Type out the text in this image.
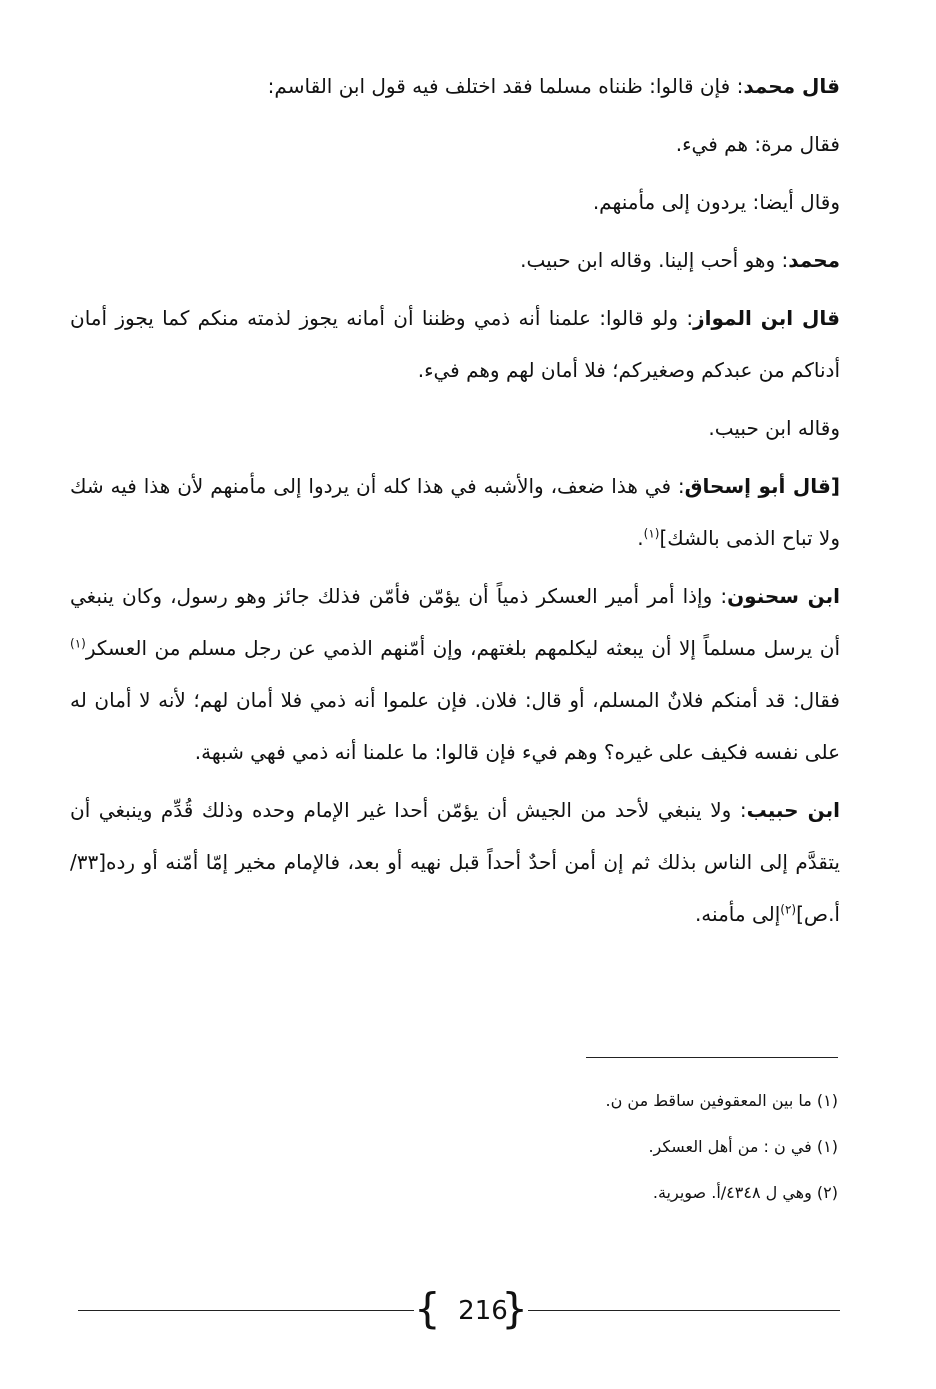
قال محمد: فإن قالوا: ظنناه مسلما فقد اختلف فيه قول ابن القاسم:

فقال مرة: هم فيء.

وقال أيضا: يردون إلى مأمنهم.

محمد: وهو أحب إلينا. وقاله ابن حبيب.

قال ابن المواز: ولو قالوا: علمنا أنه ذمي وظننا أن أمانه يجوز لذمته منكم كما يجوز أمان أدناكم من عبدكم وصغيركم؛ فلا أمان لهم وهم فيء.

وقاله ابن حبيب.

[قال أبو إسحاق: في هذا ضعف، والأشبه في هذا كله أن يردوا إلى مأمنهم لأن هذا فيه شك ولا تباح الذمى بالشك]$^{(١)}$.

ابن سحنون: وإذا أمر أمير العسكر ذمياً أن يؤمّن فأمّن فذلك جائز وهو رسول، وكان ينبغي أن يرسل مسلماً إلا أن يبعثه ليكلمهم بلغتهم، وإن أمّنهم الذمي عن رجل مسلم من العسكر$^{(١)}$ فقال: قد أمنكم فلانٌ المسلم، أو قال: فلان. فإن علموا أنه ذمي فلا أمان لهم؛ لأنه لا أمان له على نفسه فكيف على غيره؟ وهم فيء فإن قالوا: ما علمنا أنه ذمي فهي شبهة.

ابن حبيب: ولا ينبغي لأحد من الجيش أن يؤمّن أحدا غير الإمام وحده وذلك قُدِّم وينبغي أن يتقدَّم إلى الناس بذلك ثم إن أمن أحدٌ أحداً قبل نهيه أو بعد، فالإمام مخير إمّا أمّنه أو رده[٣٣/أ.ص]$^{(٢)}$إلى مأمنه.

(١) ما بين المعقوفين ساقط من ن.

(١) في ن : من أهل العسكر.

(٢) وهي ل ٤٣٤٨/أ. صويرية.

{ 216
}
